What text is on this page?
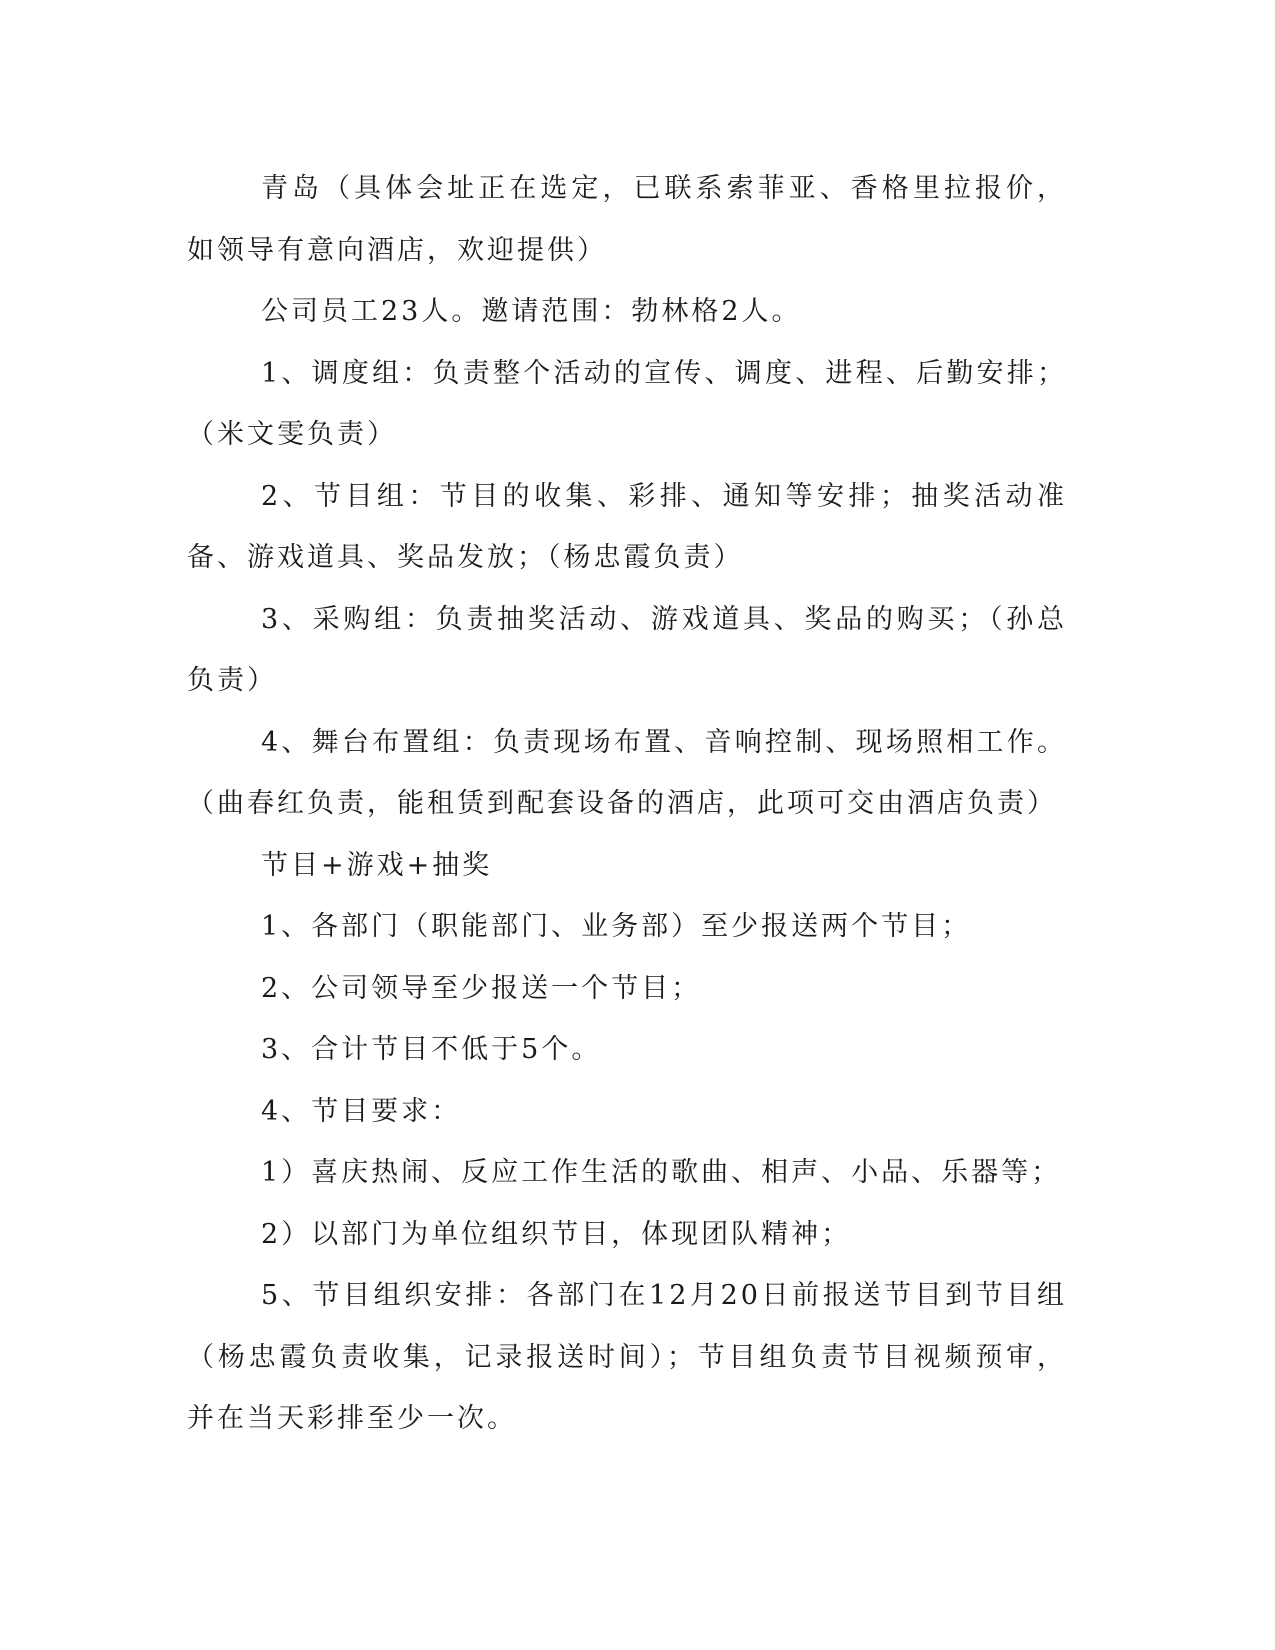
青岛（具体会址正在选定，已联系索菲亚、香格里拉报价，如领导有意向酒店，欢迎提供）

公司员工23人。邀请范围：勃林格2人。

1、调度组：负责整个活动的宣传、调度、进程、后勤安排；（米文雯负责）

2、节目组：节目的收集、彩排、通知等安排；抽奖活动准备、游戏道具、奖品发放；（杨忠霞负责）

3、采购组：负责抽奖活动、游戏道具、奖品的购买；（孙总负责）

4、舞台布置组：负责现场布置、音响控制、现场照相工作。（曲春红负责，能租赁到配套设备的酒店，此项可交由酒店负责）

节目+游戏+抽奖

1、各部门（职能部门、业务部）至少报送两个节目；

2、公司领导至少报送一个节目；

3、合计节目不低于5个。

4、节目要求：

1）喜庆热闹、反应工作生活的歌曲、相声、小品、乐器等；

2）以部门为单位组织节目，体现团队精神；

5、节目组织安排：各部门在12月20日前报送节目到节目组（杨忠霞负责收集，记录报送时间）；节目组负责节目视频预审，并在当天彩排至少一次。
